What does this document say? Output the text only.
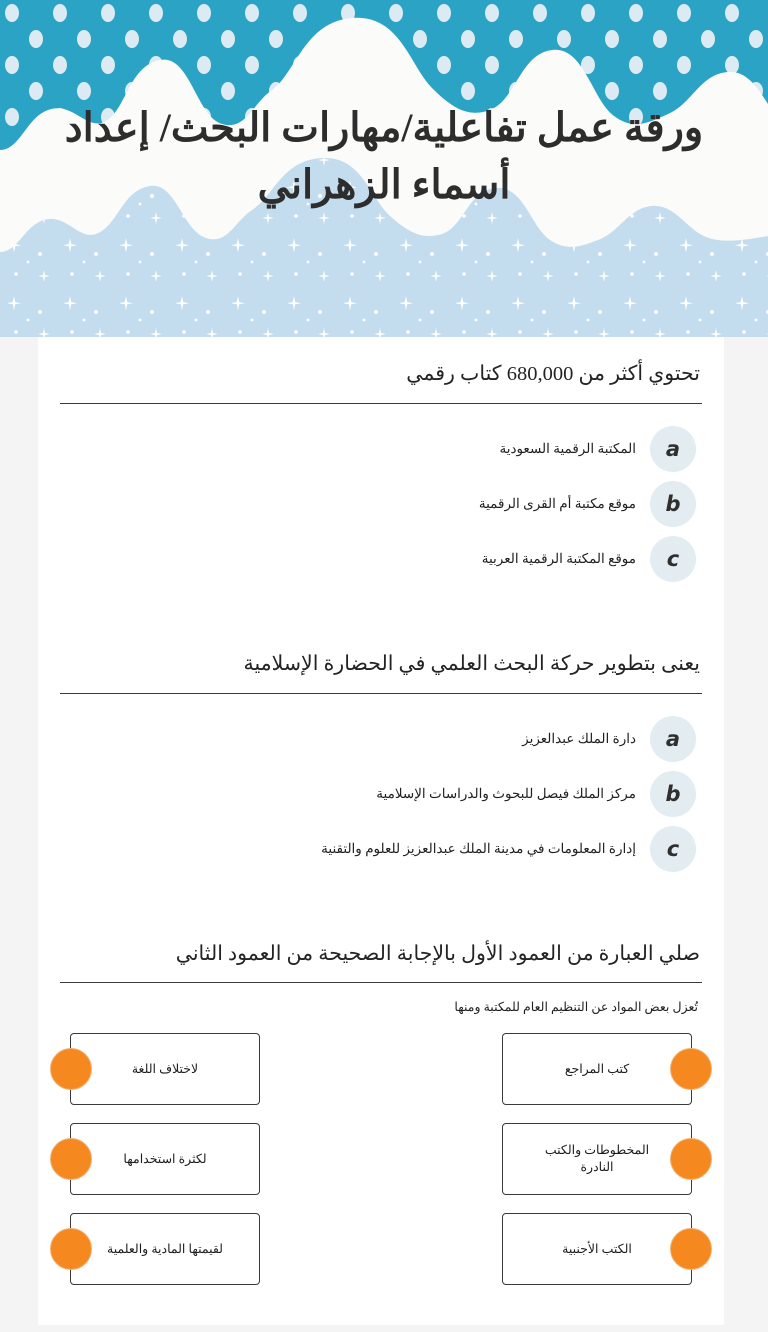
ورقة عمل تفاعلية/مهارات البحث/ إعداد أسماء الزهراني
تحتوي أكثر من 680,000 كتاب رقمي
a
المكتبة الرقمية السعودية
b
موقع مكتبة أم القرى الرقمية
c
موقع المكتبة الرقمية العربية
يعنى بتطوير حركة البحث العلمي في الحضارة الإسلامية
a
دارة الملك عبدالعزيز
b
مركز الملك فيصل للبحوث والدراسات الإسلامية
c
إدارة المعلومات في مدينة الملك عبدالعزيز للعلوم والتقنية
صلي العبارة من العمود الأول بالإجابة الصحيحة من العمود الثاني
تُعزل بعض المواد عن التنظيم العام للمكتبة ومنها
كتب المراجع
لاختلاف اللغة
المخطوطات والكتب النادرة
لكثرة استخدامها
الكتب الأجنبية
لقيمتها المادية والعلمية
